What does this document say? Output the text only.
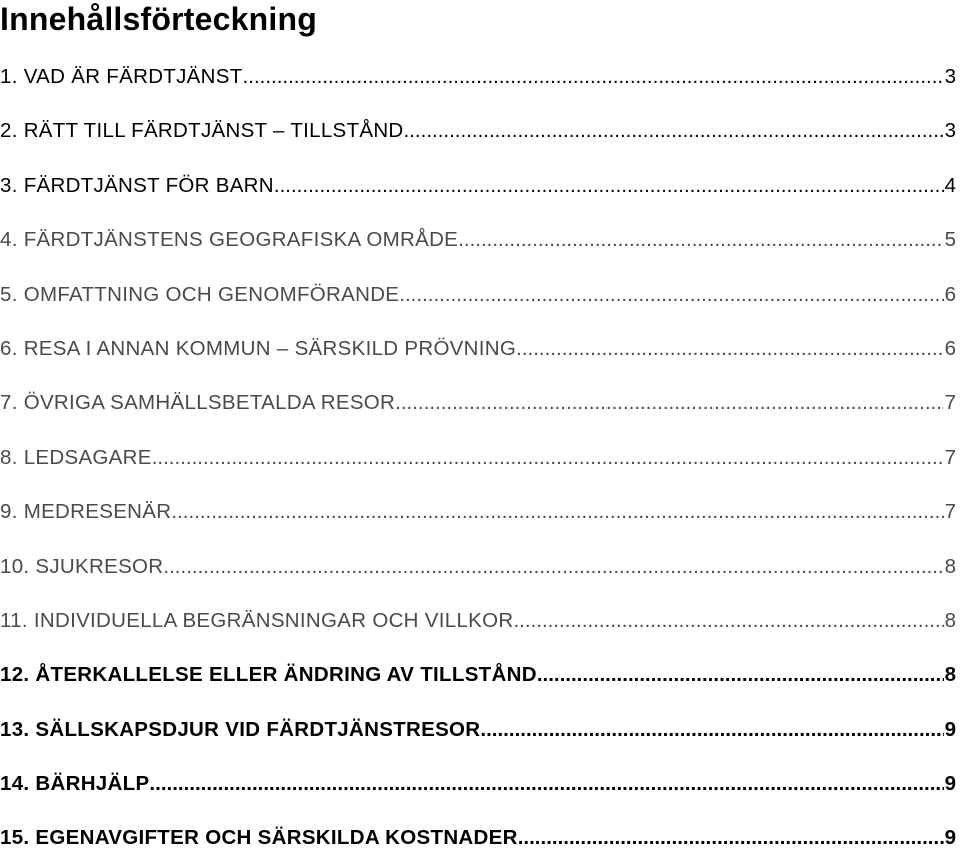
Innehållsförteckning
1. VAD ÄR FÄRDTJÄNST .....	3
2. RÄTT TILL FÄRDTJÄNST – TILLSTÅND .....	3
3. FÄRDTJÄNST FÖR BARN .....	4
4. FÄRDTJÄNSTENS GEOGRAFISKA OMRÅDE .....	5
5. OMFATTNING OCH GENOMFÖRANDE .....	6
6. RESA I ANNAN KOMMUN – SÄRSKILD PRÖVNING .....	6
7. ÖVRIGA SAMHÄLLSBETALDA RESOR .....	7
8. LEDSAGARE .....	7
9. MEDRESENÄR .....	7
10. SJUKRESOR .....	8
11. INDIVIDUELLA BEGRÄNSNINGAR OCH VILLKOR .....	8
12. ÅTERKALLELSE ELLER ÄNDRING AV TILLSTÅND .....	8
13. SÄLLSKAPSDJUR VID FÄRDTJÄNSTRESOR .....	9
14. BÄRHJÄLP .....	9
15. EGENAVGIFTER OCH SÄRSKILDA KOSTNADER .....	9
